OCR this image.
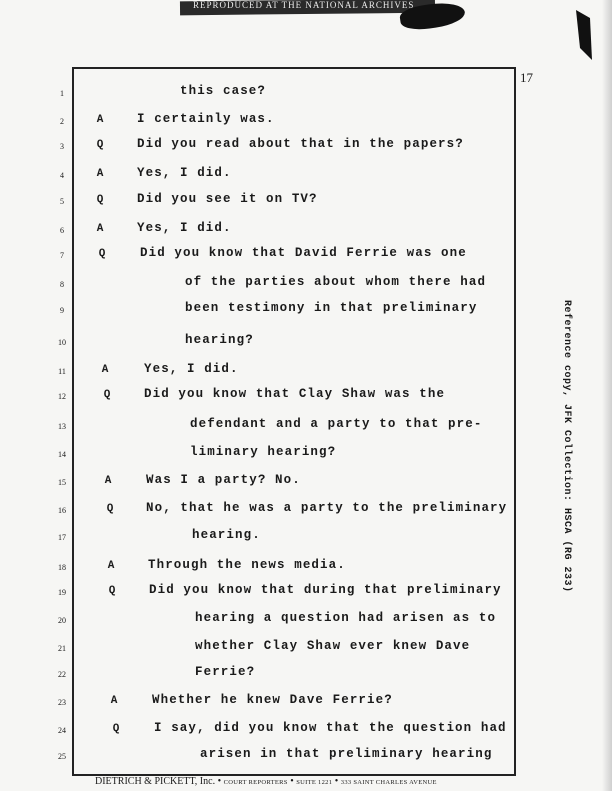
REPRODUCED AT THE NATIONAL ARCHIVES
17
1	this case?
2	A	I certainly was.
3	Q	Did you read about that in the papers?
4	A	Yes, I did.
5	Q	Did you see it on TV?
6	A	Yes, I did.
7	Q	Did you know that David Ferrie was one
8	of the parties about whom there had
9	been testimony in that preliminary
10	hearing?
11	A	Yes, I did.
12	Q	Did you know that Clay Shaw was the
13	defendant and a party to that pre-
14	liminary hearing?
15	A	Was I a party? No.
16	Q	No, that he was a party to the preliminary
17	hearing.
18	A	Through the news media.
19	Q	Did you know that during that preliminary
20	hearing a question had arisen as to
21	whether Clay Shaw ever knew Dave
22	Ferrie?
23	A	Whether he knew Dave Ferrie?
24	Q	I say, did you know that the question had
25	arisen in that preliminary hearing
Reference copy, JFK Collection: HSCA (RG 233)
DIETRICH & PICKETT, Inc. • COURT REPORTERS • SUITE 1221 • 333 SAINT CHARLES AVENUE
